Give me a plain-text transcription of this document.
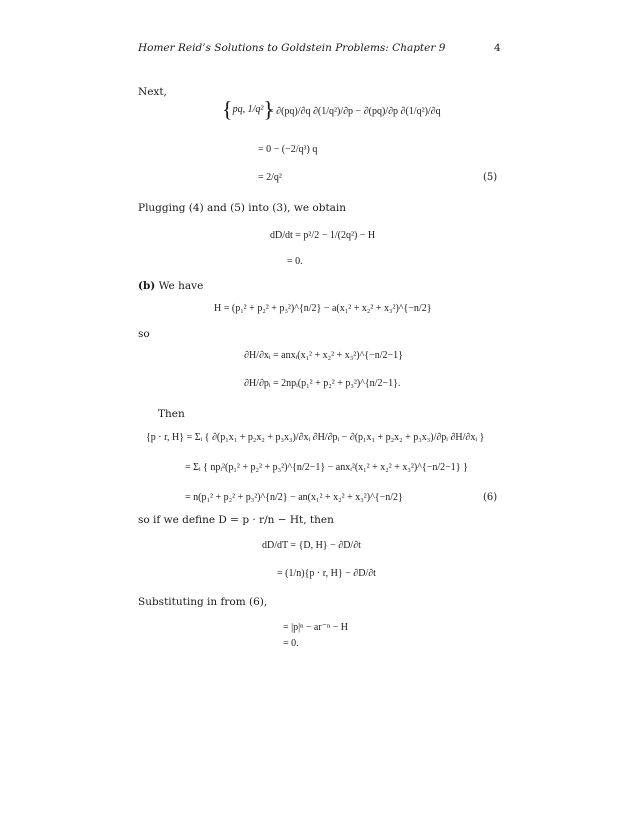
Homer Reid’s Solutions to Goldstein Problems: Chapter 9	4
Next,
{pq, 1/q²}
= ∂(pq)/∂q ∂(1/q²)/∂p − ∂(pq)/∂p ∂(1/q²)/∂q
= 0 − (−2/q³) q
= 2/q²	(5)
Plugging (4) and (5) into (3), we obtain
dD/dt = p²/2 − 1/(2q²) − H
= 0.
(b) We have
H = (p₁² + p₂² + p₃²)^{n/2} − a(x₁² + x₂² + x₃²)^{−n/2}
so
∂H/∂xᵢ = anxᵢ(x₁² + x₂² + x₃²)^{−n/2−1}
∂H/∂pᵢ = 2npᵢ(p₁² + p₂² + p₃²)^{n/2−1}.
Then
{p · r, H} = Σᵢ { ∂(p₁x₁ + p₂x₂ + p₃x₃)/∂xᵢ ∂H/∂pᵢ − ∂(p₁x₁ + p₂x₂ + p₃x₃)/∂pᵢ ∂H/∂xᵢ }
= Σᵢ { npᵢ²(p₁² + p₂² + p₃²)^{n/2−1} − anxᵢ²(x₁² + x₂² + x₃²)^{−n/2−1} }
= n(p₁² + p₂² + p₃²)^{n/2} − an(x₁² + x₂² + x₃²)^{−n/2}	(6)
so if we define D = p · r/n − Ht, then
dD/dT = {D, H} − ∂D/∂t
= (1/n){p · r, H} − ∂D/∂t
Substituting in from (6),
= |p|ⁿ − ar⁻ⁿ − H
= 0.
